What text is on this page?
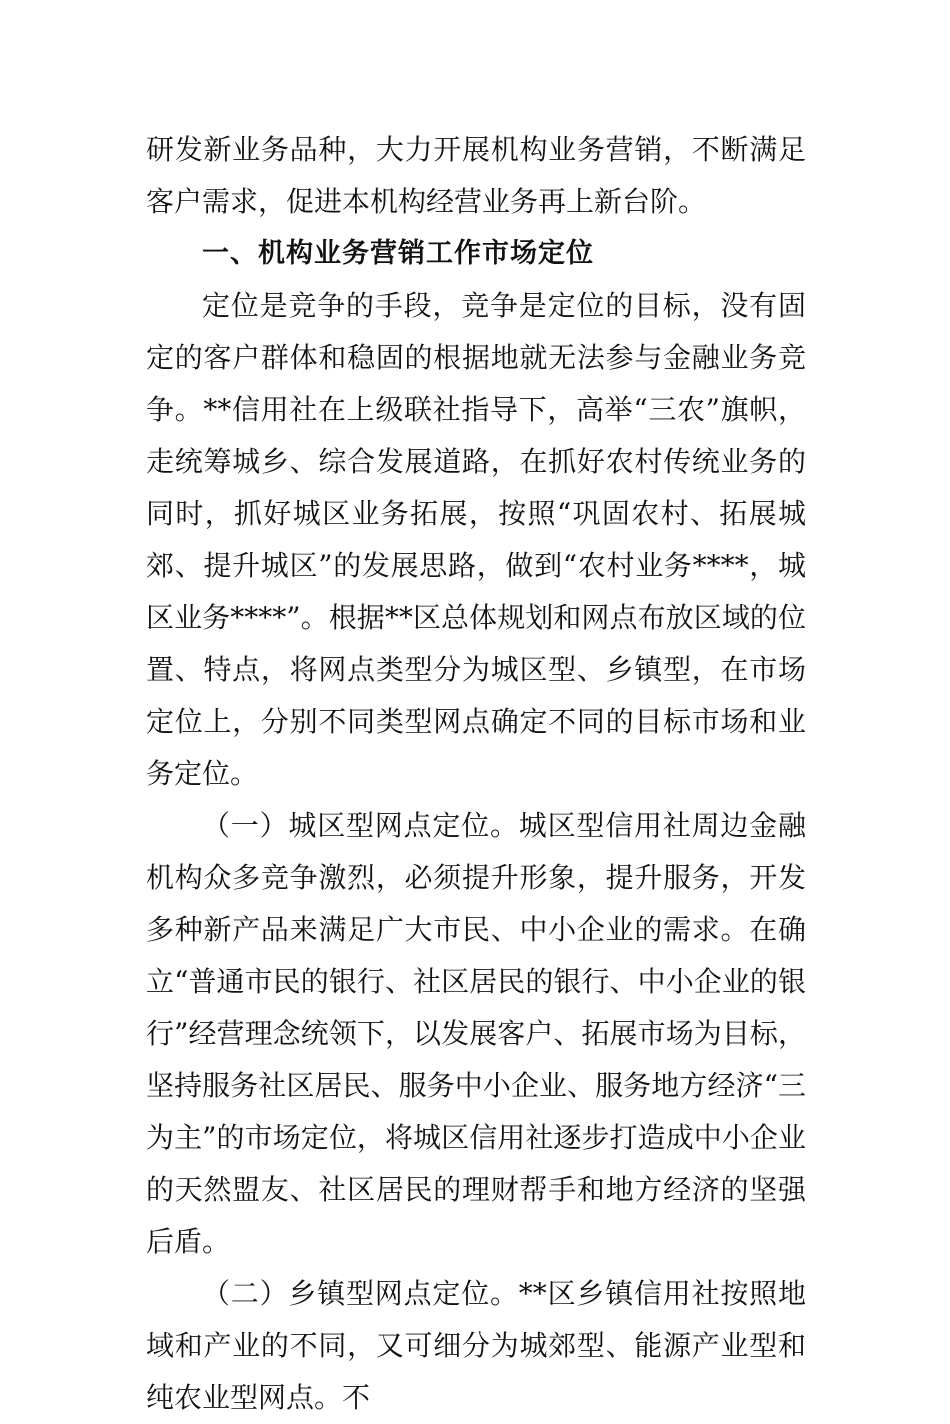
研发新业务品种，大力开展机构业务营销，不断满足客户需求，促进本机构经营业务再上新台阶。

一、机构业务营销工作市场定位

定位是竞争的手段，竞争是定位的目标，没有固定的客户群体和稳固的根据地就无法参与金融业务竞争。**信用社在上级联社指导下，高举“三农”旗帜，走统筹城乡、综合发展道路，在抓好农村传统业务的同时，抓好城区业务拓展，按照“巩固农村、拓展城郊、提升城区”的发展思路，做到“农村业务****，城区业务****”。根据**区总体规划和网点布放区域的位置、特点，将网点类型分为城区型、乡镇型，在市场定位上，分别不同类型网点确定不同的目标市场和业务定位。

（一）城区型网点定位。城区型信用社周边金融机构众多竞争激烈，必须提升形象，提升服务，开发多种新产品来满足广大市民、中小企业的需求。在确立“普通市民的银行、社区居民的银行、中小企业的银行”经营理念统领下，以发展客户、拓展市场为目标，坚持服务社区居民、服务中小企业、服务地方经济“三为主”的市场定位，将城区信用社逐步打造成中小企业的天然盟友、社区居民的理财帮手和地方经济的坚强后盾。

（二）乡镇型网点定位。**区乡镇信用社按照地域和产业的不同，又可细分为城郊型、能源产业型和纯农业型网点。不
